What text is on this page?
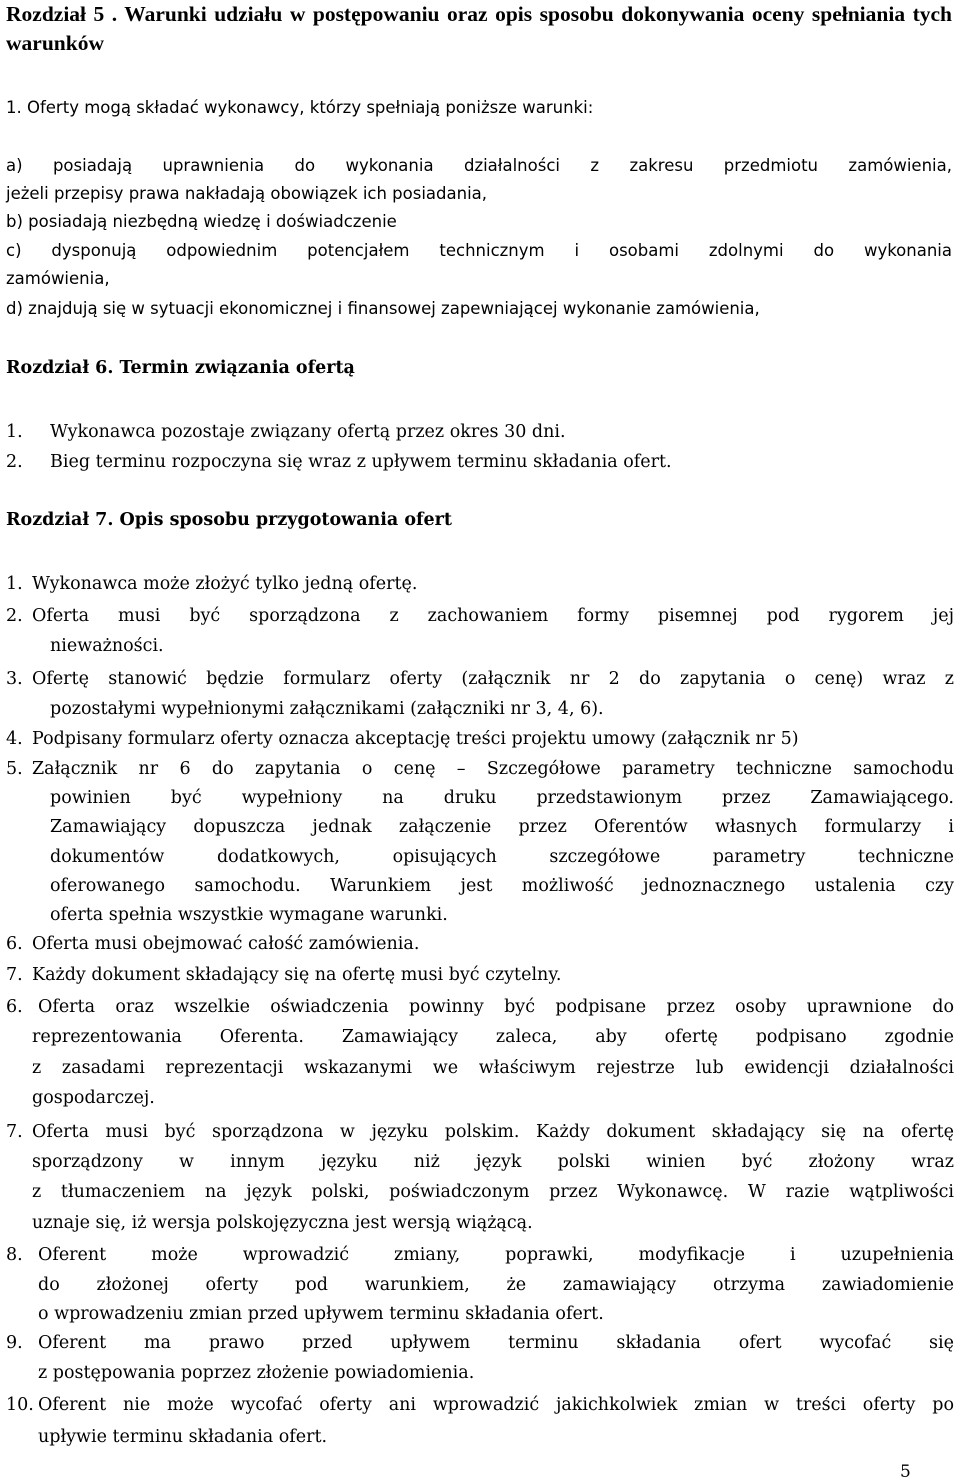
Rozdział 5 . Warunki udziału w postępowaniu oraz opis sposobu dokonywania oceny spełniania tych warunków
1. Oferty mogą składać wykonawcy, którzy spełniają poniższe warunki:
a) posiadają uprawnienia do wykonania działalności z zakresu przedmiotu zamówienia,
jeżeli przepisy prawa nakładają obowiązek ich posiadania,
b) posiadają niezbędną wiedzę i doświadczenie
c) dysponują odpowiednim potencjałem technicznym i osobami zdolnymi do wykonania
zamówienia,
d) znajdują się w sytuacji ekonomicznej i finansowej zapewniającej wykonanie zamówienia,
Rozdział 6. Termin związania ofertą
1. Wykonawca pozostaje związany ofertą przez okres 30 dni.
2. Bieg terminu rozpoczyna się wraz z upływem terminu składania ofert.
Rozdział 7. Opis sposobu przygotowania ofert
1. Wykonawca może złożyć tylko jedną ofertę.
2. Oferta musi być sporządzona z zachowaniem formy pisemnej pod rygorem jej
nieważności.
3. Ofertę stanowić będzie formularz oferty (załącznik nr 2 do zapytania o cenę) wraz z
pozostałymi wypełnionymi załącznikami (załączniki nr 3, 4, 6).
4. Podpisany formularz oferty oznacza akceptację treści projektu umowy (załącznik nr 5)
5. Załącznik nr 6 do zapytania o cenę – Szczegółowe parametry techniczne samochodu
powinien być wypełniony na druku przedstawionym przez Zamawiającego.
Zamawiający dopuszcza jednak załączenie przez Oferentów własnych formularzy i
dokumentów dodatkowych, opisujących szczegółowe parametry techniczne
oferowanego samochodu. Warunkiem jest możliwość jednoznacznego ustalenia czy
oferta spełnia wszystkie wymagane warunki.
6. Oferta musi obejmować całość zamówienia.
7. Każdy dokument składający się na ofertę musi być czytelny.
6. Oferta oraz wszelkie oświadczenia powinny być podpisane przez osoby uprawnione do
reprezentowania Oferenta. Zamawiający zaleca, aby ofertę podpisano zgodnie
z zasadami reprezentacji wskazanymi we właściwym rejestrze lub ewidencji działalności
gospodarczej.
7. Oferta musi być sporządzona w języku polskim. Każdy dokument składający się na ofertę
sporządzony w innym języku niż język polski winien być złożony wraz
z tłumaczeniem na język polski, poświadczonym przez Wykonawcę. W razie wątpliwości
uznaje się, iż wersja polskojęzyczna jest wersją wiążącą.
8. Oferent może wprowadzić zmiany, poprawki, modyfikacje i uzupełnienia
do złożonej oferty pod warunkiem, że zamawiający otrzyma zawiadomienie
o wprowadzeniu zmian przed upływem terminu składania ofert.
9. Oferent ma prawo przed upływem terminu składania ofert wycofać się
z postępowania poprzez złożenie powiadomienia.
10. Oferent nie może wycofać oferty ani wprowadzić jakichkolwiek zmian w treści oferty po
upływie terminu składania ofert.
5
